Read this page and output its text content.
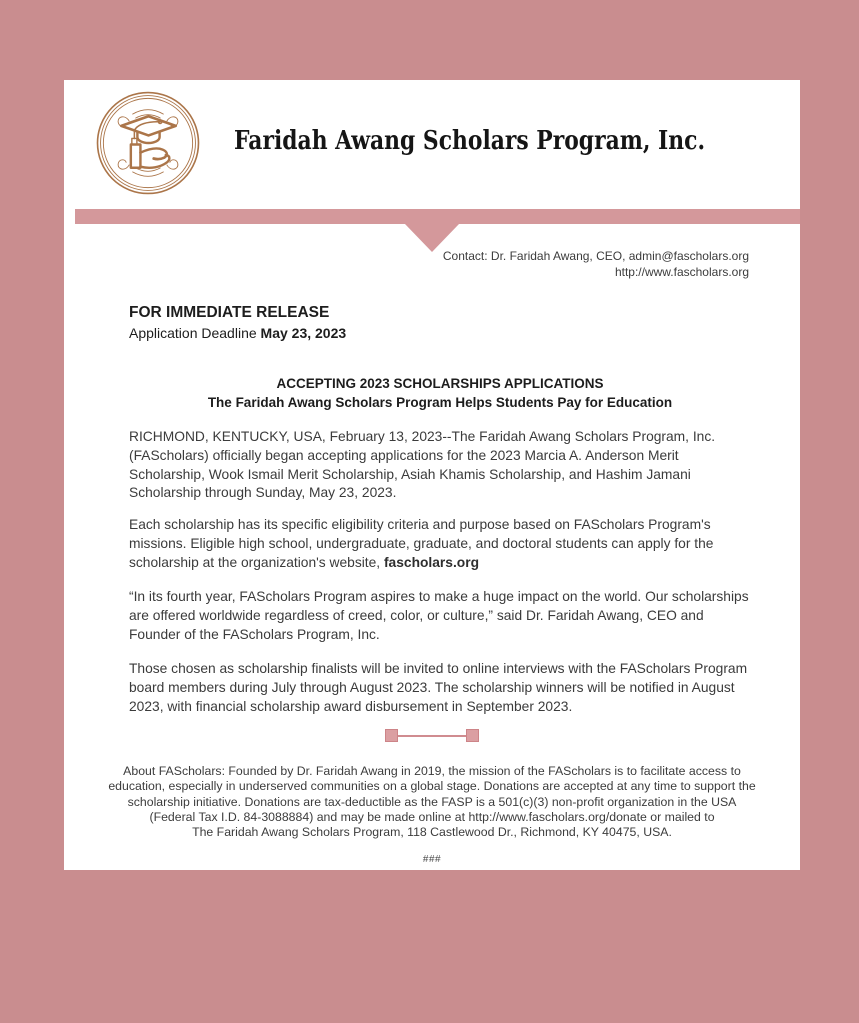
Faridah Awang Scholars Program, Inc.
Contact: Dr. Faridah Awang, CEO, admin@fascholars.org
http://www.fascholars.org
FOR IMMEDIATE RELEASE
Application Deadline May 23, 2023
ACCEPTING 2023 SCHOLARSHIPS APPLICATIONS
The Faridah Awang Scholars Program Helps Students Pay for Education
RICHMOND, KENTUCKY, USA, February 13, 2023--The Faridah Awang Scholars Program, Inc. (FAScholars) officially began accepting applications for the 2023 Marcia A. Anderson Merit Scholarship, Wook Ismail Merit Scholarship, Asiah Khamis Scholarship, and Hashim Jamani Scholarship through Sunday, May 23, 2023.
Each scholarship has its specific eligibility criteria and purpose based on FAScholars Program's missions. Eligible high school, undergraduate, graduate, and doctoral students can apply for the scholarship at the organization's website, fascholars.org
“In its fourth year, FAScholars Program aspires to make a huge impact on the world. Our scholarships are offered worldwide regardless of creed, color, or culture,” said Dr. Faridah Awang, CEO and Founder of the FAScholars Program, Inc.
Those chosen as scholarship finalists will be invited to online interviews with the FAScholars Program board members during July through August 2023. The scholarship winners will be notified in August 2023, with financial scholarship award disbursement in September 2023.
About FAScholars: Founded by Dr. Faridah Awang in 2019, the mission of the FAScholars is to facilitate access to education, especially in underserved communities on a global stage. Donations are accepted at any time to support the scholarship initiative. Donations are tax-deductible as the FASP is a 501(c)(3) non-profit organization in the USA (Federal Tax I.D. 84-3088884) and may be made online at http://www.fascholars.org/donate or mailed to
The Faridah Awang Scholars Program, 118 Castlewood Dr., Richmond, KY 40475, USA.
###
